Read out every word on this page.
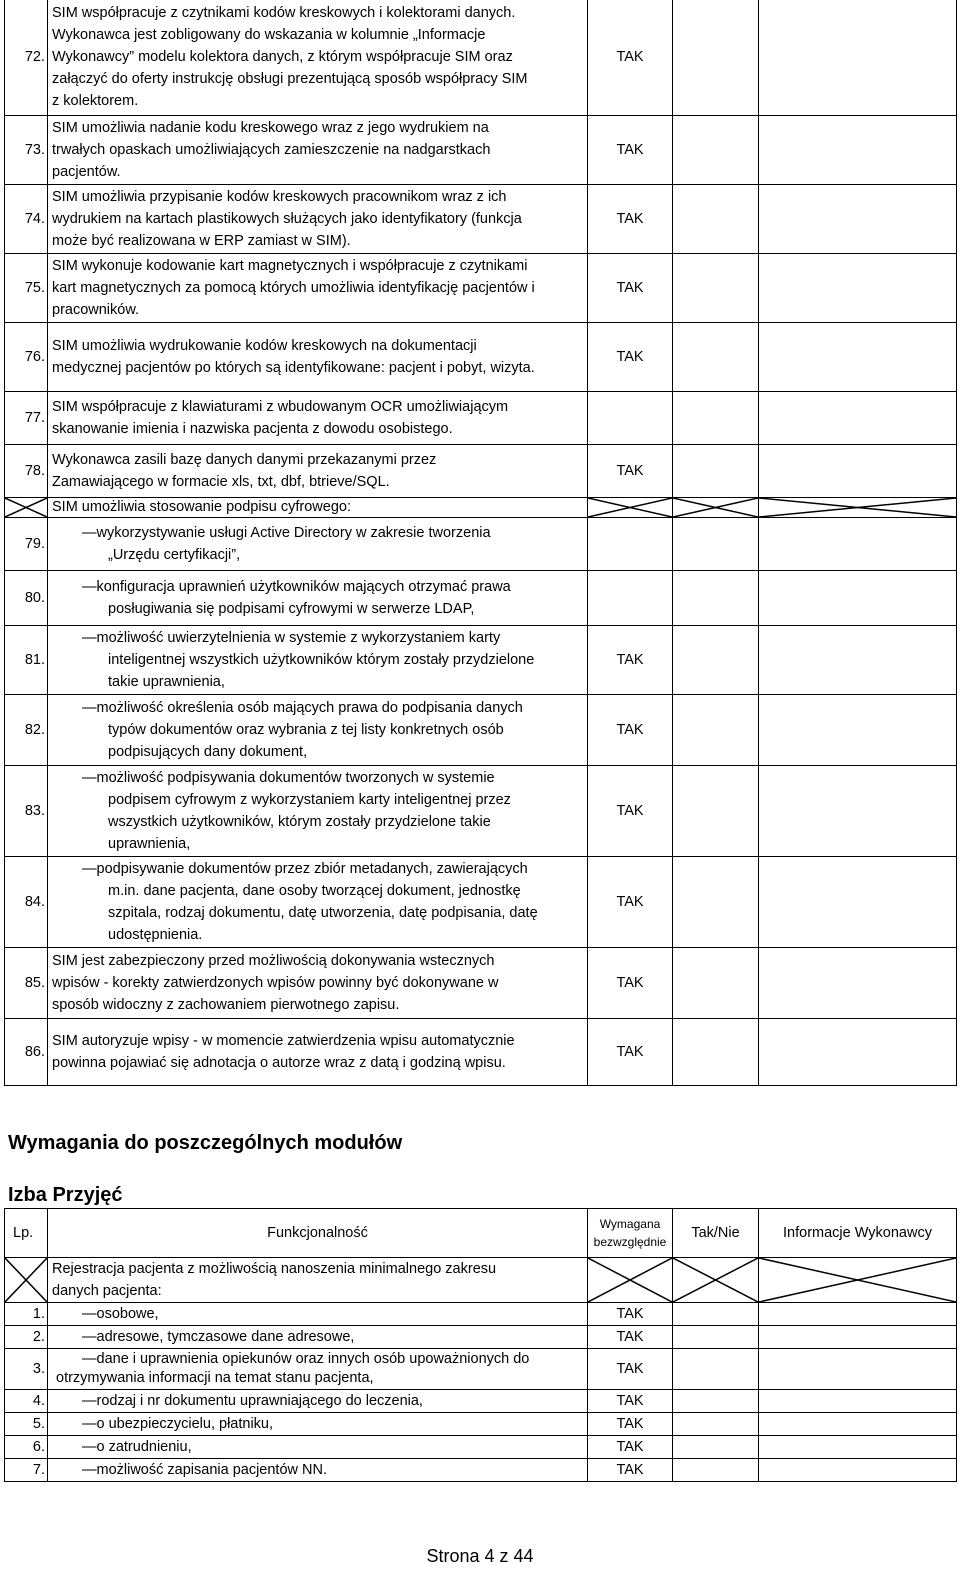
72.	SIM współpracuje z czytnikami kodów kreskowych i kolektorami danych.
Wykonawca jest zobligowany do wskazania w kolumnie „Informacje
Wykonawcy” modelu kolektora danych, z którym współpracuje SIM oraz
załączyć do oferty instrukcję obsługi prezentującą sposób współpracy SIM
z kolektorem.	TAK		
73.	SIM umożliwia nadanie kodu kreskowego wraz z jego wydrukiem na
trwałych opaskach umożliwiających zamieszczenie na nadgarstkach
pacjentów.	TAK		
74.	SIM umożliwia przypisanie kodów kreskowych pracownikom wraz z ich
wydrukiem na kartach plastikowych służących jako identyfikatory (funkcja
może być realizowana w ERP zamiast w SIM).	TAK		
75.	SIM wykonuje kodowanie kart magnetycznych i współpracuje z czytnikami
kart magnetycznych za pomocą których umożliwia identyfikację pacjentów i
pracowników.	TAK		
76.	SIM umożliwia wydrukowanie kodów kreskowych na dokumentacji
medycznej pacjentów po których są identyfikowane: pacjent i pobyt, wizyta.	TAK		
77.	SIM współpracuje z klawiaturami z wbudowanym OCR umożliwiającym
skanowanie imienia i nazwiska pacjenta z dowodu osobistego.			

78.	Wykonawca zasili bazę danych danymi przekazanymi przez
Zamawiającego w formacie xls, txt, dbf, btrieve/SQL.	TAK		

SIM umożliwia stosowanie podpisu cyfrowego:

79.	— wykorzystywanie usługi Active Directory w zakresie tworzenia
„Urzędu certyfikacji”,

80.	— konfiguracja uprawnień użytkowników mających otrzymać prawa
posługiwania się podpisami cyfrowymi w serwerze LDAP,

81.	— możliwość uwierzytelnienia w systemie z wykorzystaniem karty
inteligentnej wszystkich użytkowników którym zostały przydzielone
takie uprawnienia,	TAK		
82.	— możliwość określenia osób mających prawa do podpisania danych
typów dokumentów oraz wybrania z tej listy konkretnych osób
podpisujących dany dokument,	TAK		
83.	— możliwość podpisywania dokumentów tworzonych w systemie
podpisem cyfrowym z wykorzystaniem karty inteligentnej przez
wszystkich użytkowników, którym zostały przydzielone takie
uprawnienia,	TAK		
84.	— podpisywanie dokumentów przez zbiór metadanych, zawierających
m.in. dane pacjenta, dane osoby tworzącej dokument, jednostkę
szpitala, rodzaj dokumentu, datę utworzenia, datę podpisania, datę
udostępnienia.	TAK		
85.	SIM jest zabezpieczony przed możliwością dokonywania wstecznych
wpisów - korekty zatwierdzonych wpisów powinny być dokonywane w
sposób widoczny z zachowaniem pierwotnego zapisu.	TAK		
86.	SIM autoryzuje wpisy - w momencie zatwierdzenia wpisu automatycznie
powinna pojawiać się adnotacja o autorze wraz z datą i godziną wpisu.	TAK		
Wymagania do poszczególnych modułów
Izba Przyjęć
Lp.	Funkcjonalność	Wymagana bezwzględnie	Tak/Nie	Informacje Wykonawcy

Rejestracja pacjenta z możliwością nanoszenia minimalnego zakresu
danych pacjenta:

1.	— osobowe,	TAK		
2.	— adresowe, tymczasowe dane adresowe,	TAK		
3.	— dane i uprawnienia opiekunów oraz innych osób upoważnionych do
otrzymywania informacji na temat stanu pacjenta,	TAK		
4.	— rodzaj i nr dokumentu uprawniającego do leczenia,	TAK		
5.	— o ubezpieczycielu, płatniku,	TAK		
6.	— o zatrudnieniu,	TAK		
7.	— możliwość zapisania pacjentów NN.	TAK		
Strona 4 z 44
